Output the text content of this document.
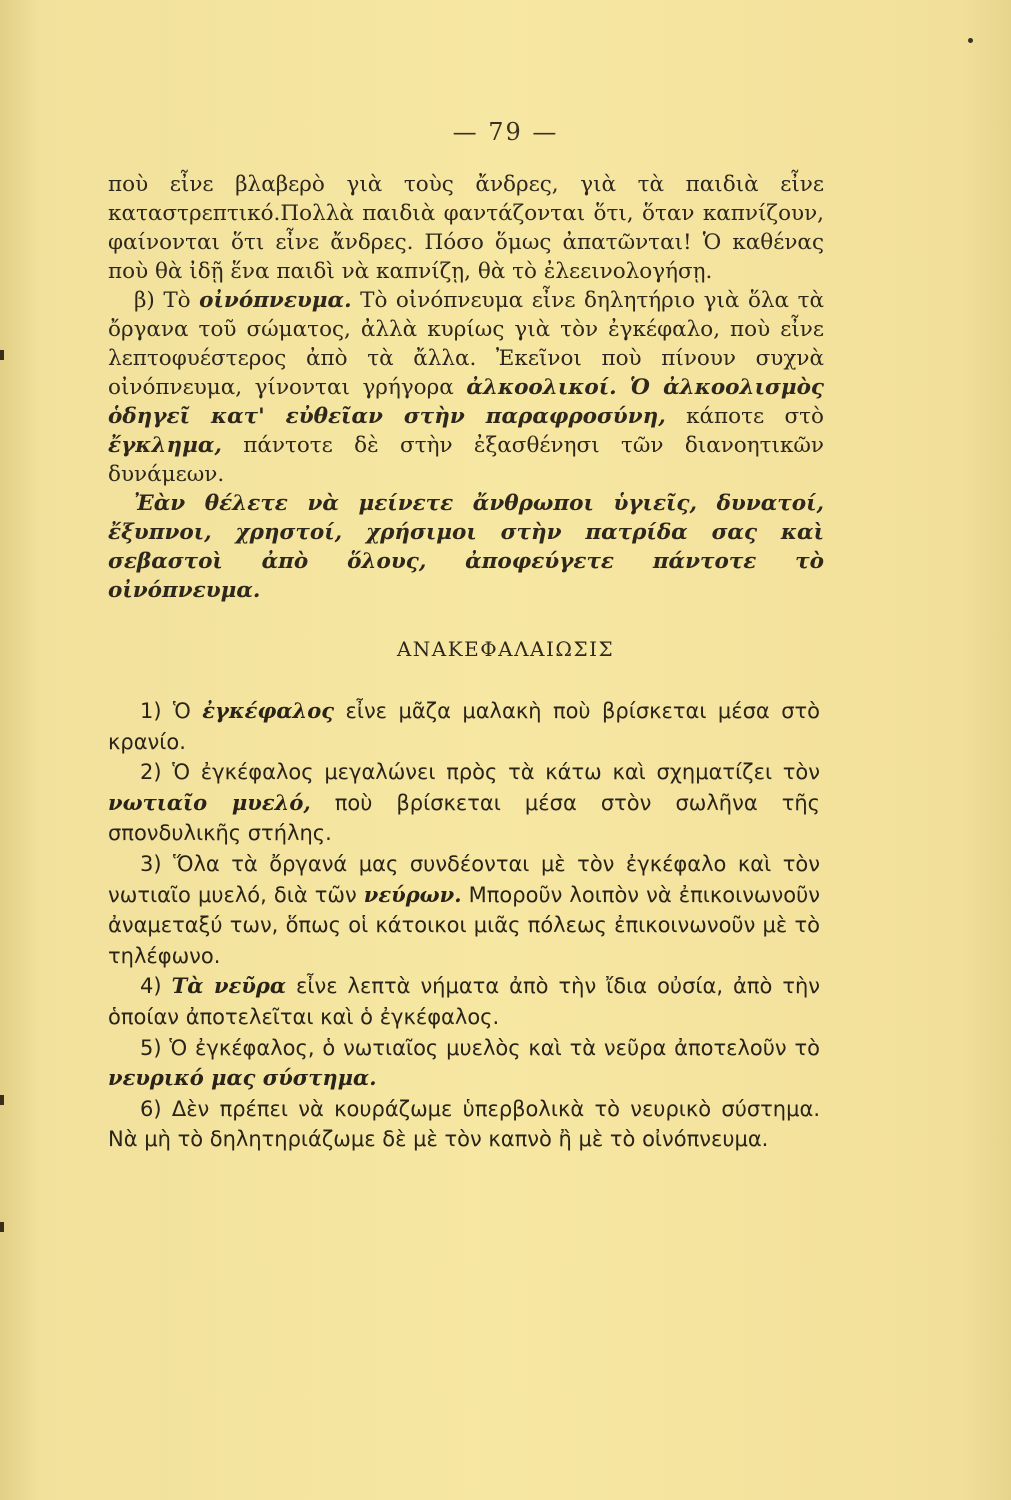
— 79 —

ποὺ εἶνε βλαβερὸ γιὰ τοὺς ἄνδρες, γιὰ τὰ παιδιὰ εἶνε καταστρεπτικό.Πολλὰ παιδιὰ φαντάζονται ὅτι, ὅταν καπνίζουν, φαίνονται ὅτι εἶνε ἄνδρες. Πόσο ὅμως ἀπατῶνται! Ὁ καθένας ποὺ θὰ ἰδῇ ἕνα παιδὶ νὰ καπνίζῃ, θὰ τὸ ἐλεεινολογήσῃ.

β) Τὸ οἰνόπνευμα. Τὸ οἰνόπνευμα εἶνε δηλητήριο γιὰ ὅλα τὰ ὄργανα τοῦ σώματος, ἀλλὰ κυρίως γιὰ τὸν ἐγκέφαλο, ποὺ εἶνε λεπτοφυέστερος ἀπὸ τὰ ἄλλα. Ἐκεῖνοι ποὺ πίνουν συχνὰ οἰνόπνευμα, γίνονται γρήγορα ἀλκοολικοί. Ὁ ἀλκοολισμὸς ὁδηγεῖ κατ' εὐθεῖαν στὴν παραφροσύνη, κάποτε στὸ ἔγκλημα, πάντοτε δὲ στὴν ἐξασθένησι τῶν διανοητικῶν δυνάμεων.

Ἐὰν θέλετε νὰ μείνετε ἄνθρωποι ὑγιεῖς, δυνατοί, ἔξυπνοι, χρηστοί, χρήσιμοι στὴν πατρίδα σας καὶ σεβαστοὶ ἀπὸ ὅλους, ἀποφεύγετε πάντοτε τὸ οἰνόπνευμα.

ΑΝΑΚΕΦΑΛΑΙΩΣΙΣ

1) Ὁ ἐγκέφαλος εἶνε μᾶζα μαλακὴ ποὺ βρίσκεται μέσα στὸ κρανίο.

2) Ὁ ἐγκέφαλος μεγαλώνει πρὸς τὰ κάτω καὶ σχηματίζει τὸν νωτιαῖο μυελό, ποὺ βρίσκεται μέσα στὸν σωλῆνα τῆς σπονδυλικῆς στήλης.

3) Ὅλα τὰ ὄργανά μας συνδέονται μὲ τὸν ἐγκέφαλο καὶ τὸν νωτιαῖο μυελό, διὰ τῶν νεύρων. Μποροῦν λοιπὸν νὰ ἐπικοινωνοῦν ἀναμεταξύ των, ὅπως οἱ κάτοικοι μιᾶς πόλεως ἐπικοινωνοῦν μὲ τὸ τηλέφωνο.

4) Τὰ νεῦρα εἶνε λεπτὰ νήματα ἀπὸ τὴν ἴδια οὐσία, ἀπὸ τὴν ὁποίαν ἀποτελεῖται καὶ ὁ ἐγκέφαλος.

5) Ὁ ἐγκέφαλος, ὁ νωτιαῖος μυελὸς καὶ τὰ νεῦρα ἀποτελοῦν τὸ νευρικό μας σύστημα.

6) Δὲν πρέπει νὰ κουράζωμε ὑπερβολικὰ τὸ νευρικὸ σύστημα. Νὰ μὴ τὸ δηλητηριάζωμε δὲ μὲ τὸν καπνὸ ἢ μὲ τὸ οἰνόπνευμα.
